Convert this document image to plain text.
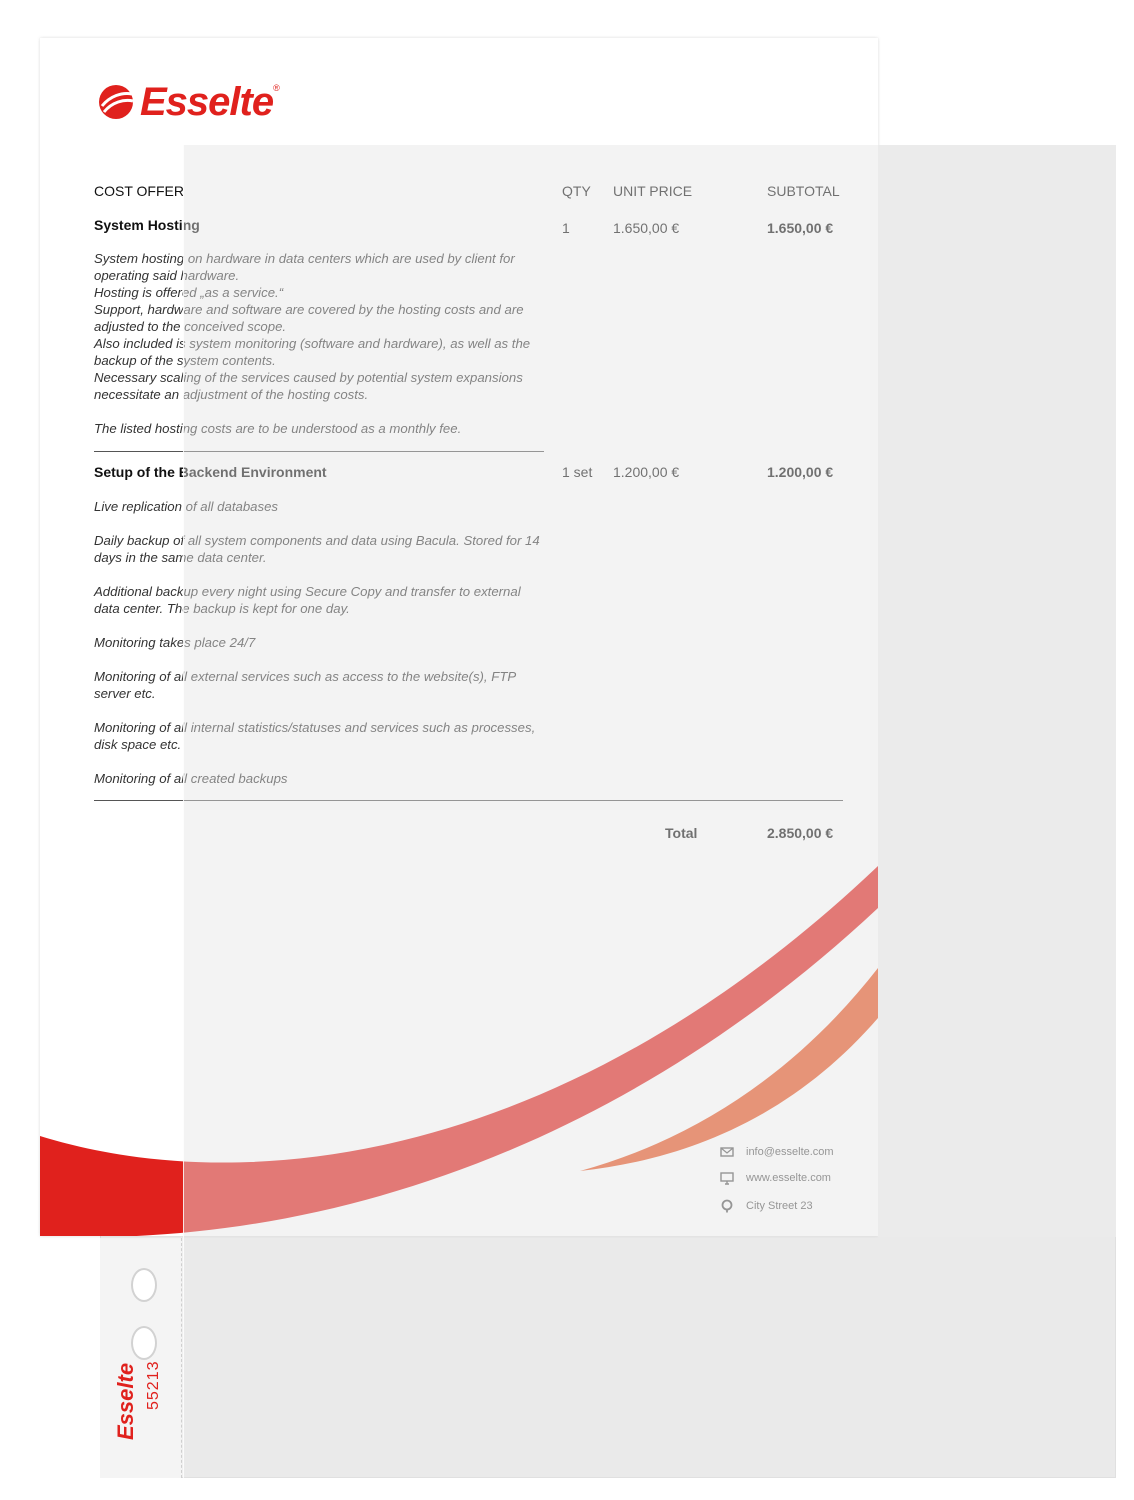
Esselte 55213
Esselte ®
COST OFFER	QTY UNIT PRICE	SUBTOTAL
System Hosting	1	1.650,00 €	1.650,00 €

System hosting on hardware in data centers which are used by client for operating said hardware.

Hosting is offered „as a service.“

Support, hardware and software are covered by the hosting costs and are adjusted to the conceived scope.

Also included is system monitoring (software and hardware), as well as the backup of the system contents.

Necessary scaling of the services caused by potential system expansions necessitate an adjustment of the hosting costs.

The listed hosting costs are to be understood as a monthly fee.

Setup of the Backend Environment	1 set 1.200,00 €	1.200,00 €

Live replication of all databases

Daily backup of all system components and data using Bacula. Stored for 14 days in the same data center.

Additional backup every night using Secure Copy and transfer to external data center. The backup is kept for one day.

Monitoring takes place 24/7

Monitoring of all external services such as access to the website(s), FTP server etc.

Monitoring of all internal statistics/statuses and services such as processes, disk space etc.

Monitoring of all created backups

Total	2.850,00 €
info@esselte.com
www.esselte.com
City Street 23
